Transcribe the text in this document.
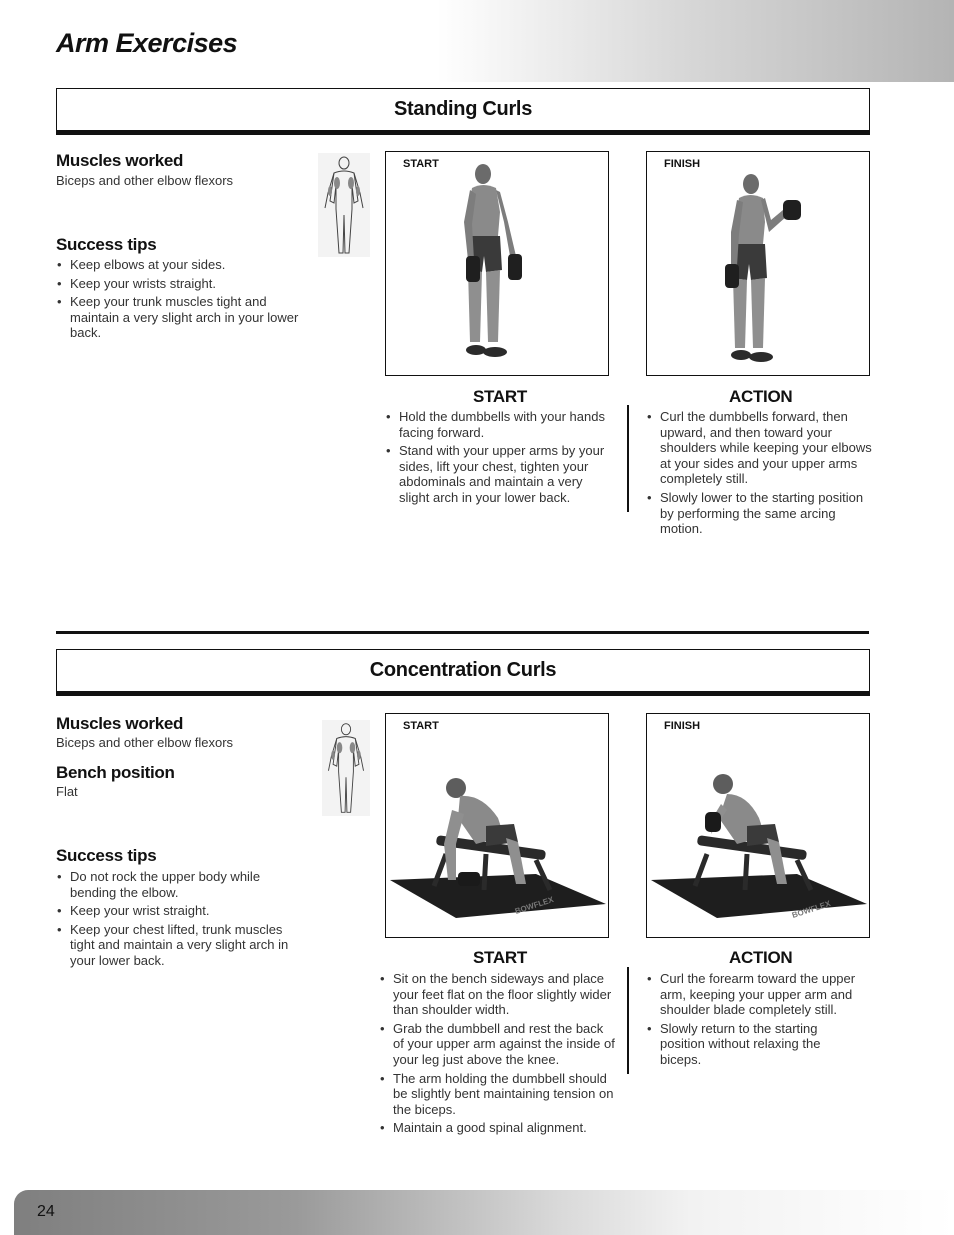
Arm Exercises
Standing Curls
Muscles worked
Biceps and other elbow flexors
Success tips
• Keep elbows at your sides.
• Keep your wrists straight.
• Keep your trunk muscles tight and maintain a very slight arch in your lower back.
START	FINISH
START	ACTION
• Hold the dumbbells with your hands facing forward.
• Stand with your upper arms by your sides, lift your chest, tighten your abdominals and maintain a very slight arch in your lower back.
• Curl the dumbbells forward, then upward, and then toward your shoulders while keeping your elbows at your sides and your upper arms completely still.
• Slowly lower to the starting position by performing the same arcing motion.
Concentration Curls
Muscles worked
Biceps and other elbow flexors
Bench position
Flat
Success tips
• Do not rock the upper body while bending the elbow.
• Keep your wrist straight.
• Keep your chest lifted, trunk muscles tight and maintain a very slight arch in your lower back.
START
BOWFLEX
FINISH
BOWFLEX
START	ACTION
• Sit on the bench sideways and place your feet flat on the floor slightly wider than shoulder width.
• Grab the dumbbell and rest the back of your upper arm against the inside of your leg just above the knee.
• The arm holding the dumbbell should be slightly bent maintaining tension on the biceps.
• Maintain a good spinal alignment.
• Curl the forearm toward the upper arm, keeping your upper arm and shoulder blade completely still.
• Slowly return to the starting position without relaxing the biceps.
24
